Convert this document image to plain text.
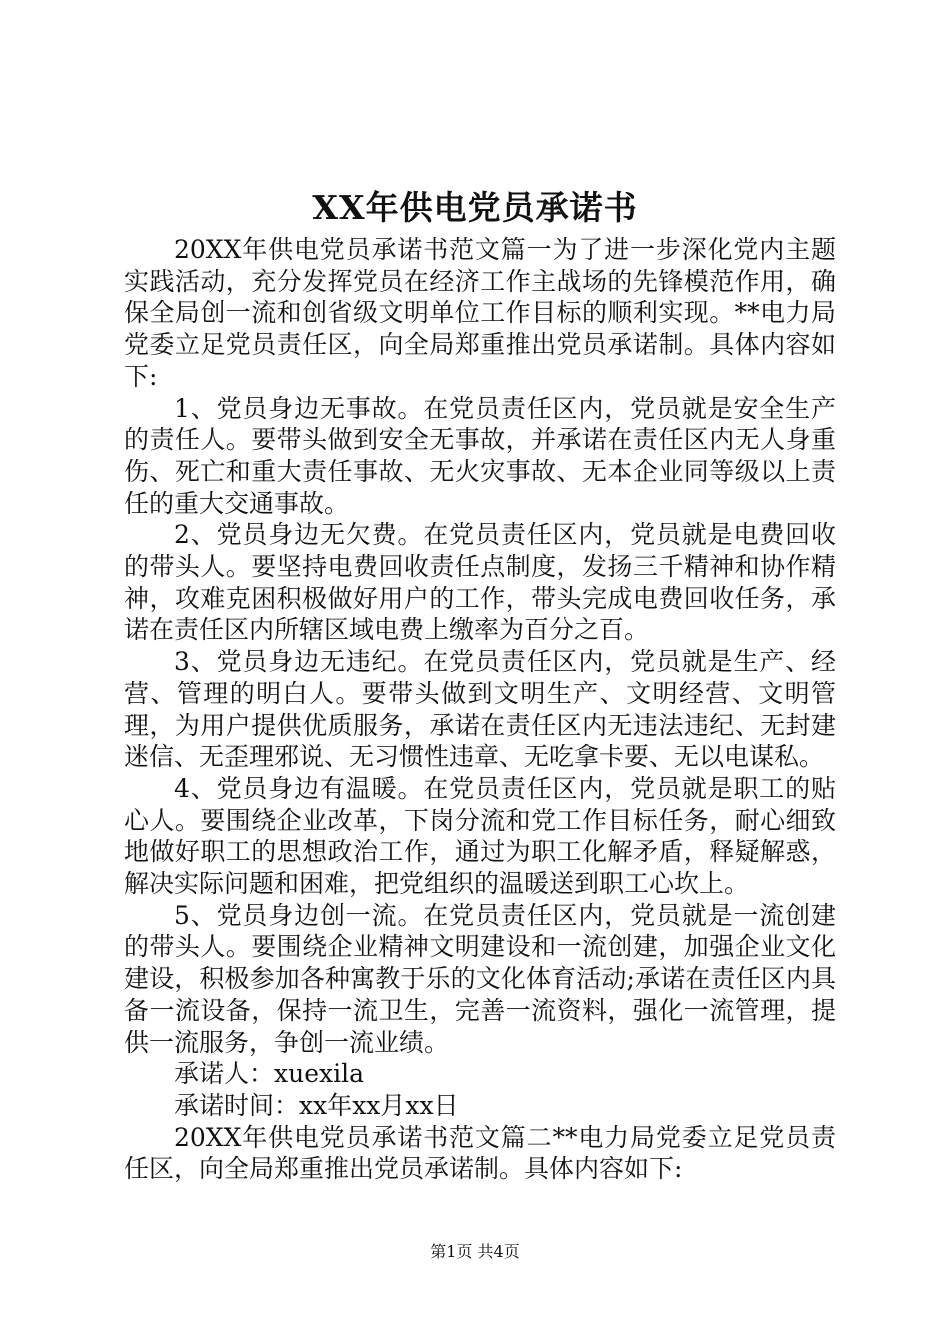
XX年供电党员承诺书

20XX年供电党员承诺书范文篇一为了进一步深化党内主题实践活动，充分发挥党员在经济工作主战场的先锋模范作用，确保全局创一流和创省级文明单位工作目标的顺利实现。**电力局党委立足党员责任区，向全局郑重推出党员承诺制。具体内容如下:

1、党员身边无事故。在党员责任区内，党员就是安全生产的责任人。要带头做到安全无事故，并承诺在责任区内无人身重伤、死亡和重大责任事故、无火灾事故、无本企业同等级以上责任的重大交通事故。

2、党员身边无欠费。在党员责任区内，党员就是电费回收的带头人。要坚持电费回收责任点制度，发扬三千精神和协作精神，攻难克困积极做好用户的工作，带头完成电费回收任务，承诺在责任区内所辖区域电费上缴率为百分之百。

3、党员身边无违纪。在党员责任区内，党员就是生产、经营、管理的明白人。要带头做到文明生产、文明经营、文明管理，为用户提供优质服务，承诺在责任区内无违法违纪、无封建迷信、无歪理邪说、无习惯性违章、无吃拿卡要、无以电谋私。

4、党员身边有温暖。在党员责任区内，党员就是职工的贴心人。要围绕企业改革，下岗分流和党工作目标任务，耐心细致地做好职工的思想政治工作，通过为职工化解矛盾，释疑解惑，解决实际问题和困难，把党组织的温暖送到职工心坎上。

5、党员身边创一流。在党员责任区内，党员就是一流创建的带头人。要围绕企业精神文明建设和一流创建，加强企业文化建设，积极参加各种寓教于乐的文化体育活动;承诺在责任区内具备一流设备，保持一流卫生，完善一流资料，强化一流管理，提供一流服务，争创一流业绩。

承诺人：xuexila

承诺时间：xx年xx月xx日

20XX年供电党员承诺书范文篇二**电力局党委立足党员责任区，向全局郑重推出党员承诺制。具体内容如下:

第1页 共4页
